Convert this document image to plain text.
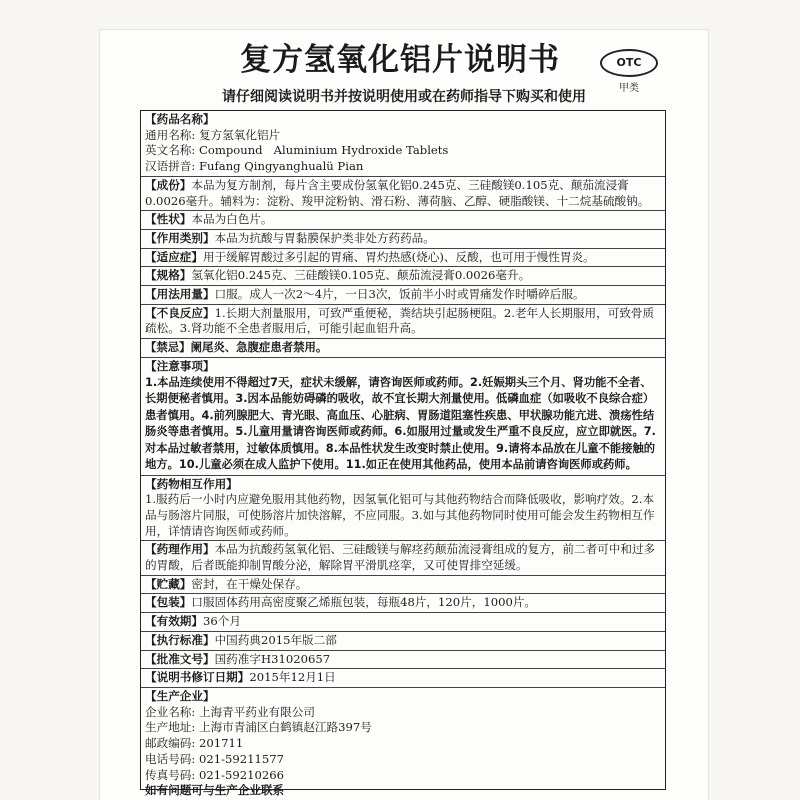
复方氢氧化铝片说明书	OTC
甲类
请仔细阅读说明书并按说明使用或在药师指导下购买和使用
【药品名称】
通用名称: 复方氢氧化铝片
英文名称: Compound   Aluminium Hydroxide Tablets
汉语拼音: Fufang Qingyanghualü Pian
【成份】本品为复方制剂，每片含主要成份氢氧化铝0.245克、三硅酸镁0.105克、颠茄流浸膏0.0026毫升。辅料为：淀粉、羧甲淀粉钠、滑石粉、薄荷脑、乙醇、硬脂酸镁、十二烷基硫酸钠。
【性状】本品为白色片。
【作用类别】本品为抗酸与胃黏膜保护类非处方药药品。
【适应症】用于缓解胃酸过多引起的胃痛、胃灼热感(烧心)、反酸，也可用于慢性胃炎。
【规格】氢氧化铝0.245克、三硅酸镁0.105克、颠茄流浸膏0.0026毫升。
【用法用量】口服。成人一次2～4片，一日3次，饭前半小时或胃痛发作时嚼碎后服。
【不良反应】1.长期大剂量服用，可致严重便秘，粪结块引起肠梗阻。2.老年人长期服用，可致骨质疏松。3.肾功能不全患者服用后，可能引起血铝升高。
【禁忌】阑尾炎、急腹症患者禁用。
【注意事项】
1.本品连续使用不得超过7天，症状未缓解，请咨询医师或药师。2.妊娠期头三个月、肾功能不全者、长期便秘者慎用。3.因本品能妨碍磷的吸收，故不宜长期大剂量使用。低磷血症（如吸收不良综合症）患者慎用。4.前列腺肥大、青光眼、高血压、心脏病、胃肠道阻塞性疾患、甲状腺功能亢进、溃疡性结肠炎等患者慎用。5.儿童用量请咨询医师或药师。6.如服用过量或发生严重不良反应，应立即就医。7.对本品过敏者禁用，过敏体质慎用。8.本品性状发生改变时禁止使用。9.请将本品放在儿童不能接触的地方。10.儿童必须在成人监护下使用。11.如正在使用其他药品，使用本品前请咨询医师或药师。
【药物相互作用】
1.服药后一小时内应避免服用其他药物，因氢氧化铝可与其他药物结合而降低吸收，影响疗效。2.本品与肠溶片同服，可使肠溶片加快溶解，不应同服。3.如与其他药物同时使用可能会发生药物相互作用，详情请咨询医师或药师。
【药理作用】本品为抗酸药氢氧化铝、三硅酸镁与解痉药颠茄流浸膏组成的复方，前二者可中和过多的胃酸，后者既能抑制胃酸分泌，解除胃平滑肌痉挛，又可使胃排空延缓。
【贮藏】密封，在干燥处保存。
【包装】口服固体药用高密度聚乙烯瓶包装，每瓶48片，120片，1000片。
【有效期】36个月
【执行标准】中国药典2015年版二部
【批准文号】国药准字H31020657
【说明书修订日期】2015年12月1日
【生产企业】
企业名称: 上海青平药业有限公司
生产地址: 上海市青浦区白鹤镇赵江路397号
邮政编码: 201711
电话号码: 021-59211577
传真号码: 021-59210266
如有问题可与生产企业联系
